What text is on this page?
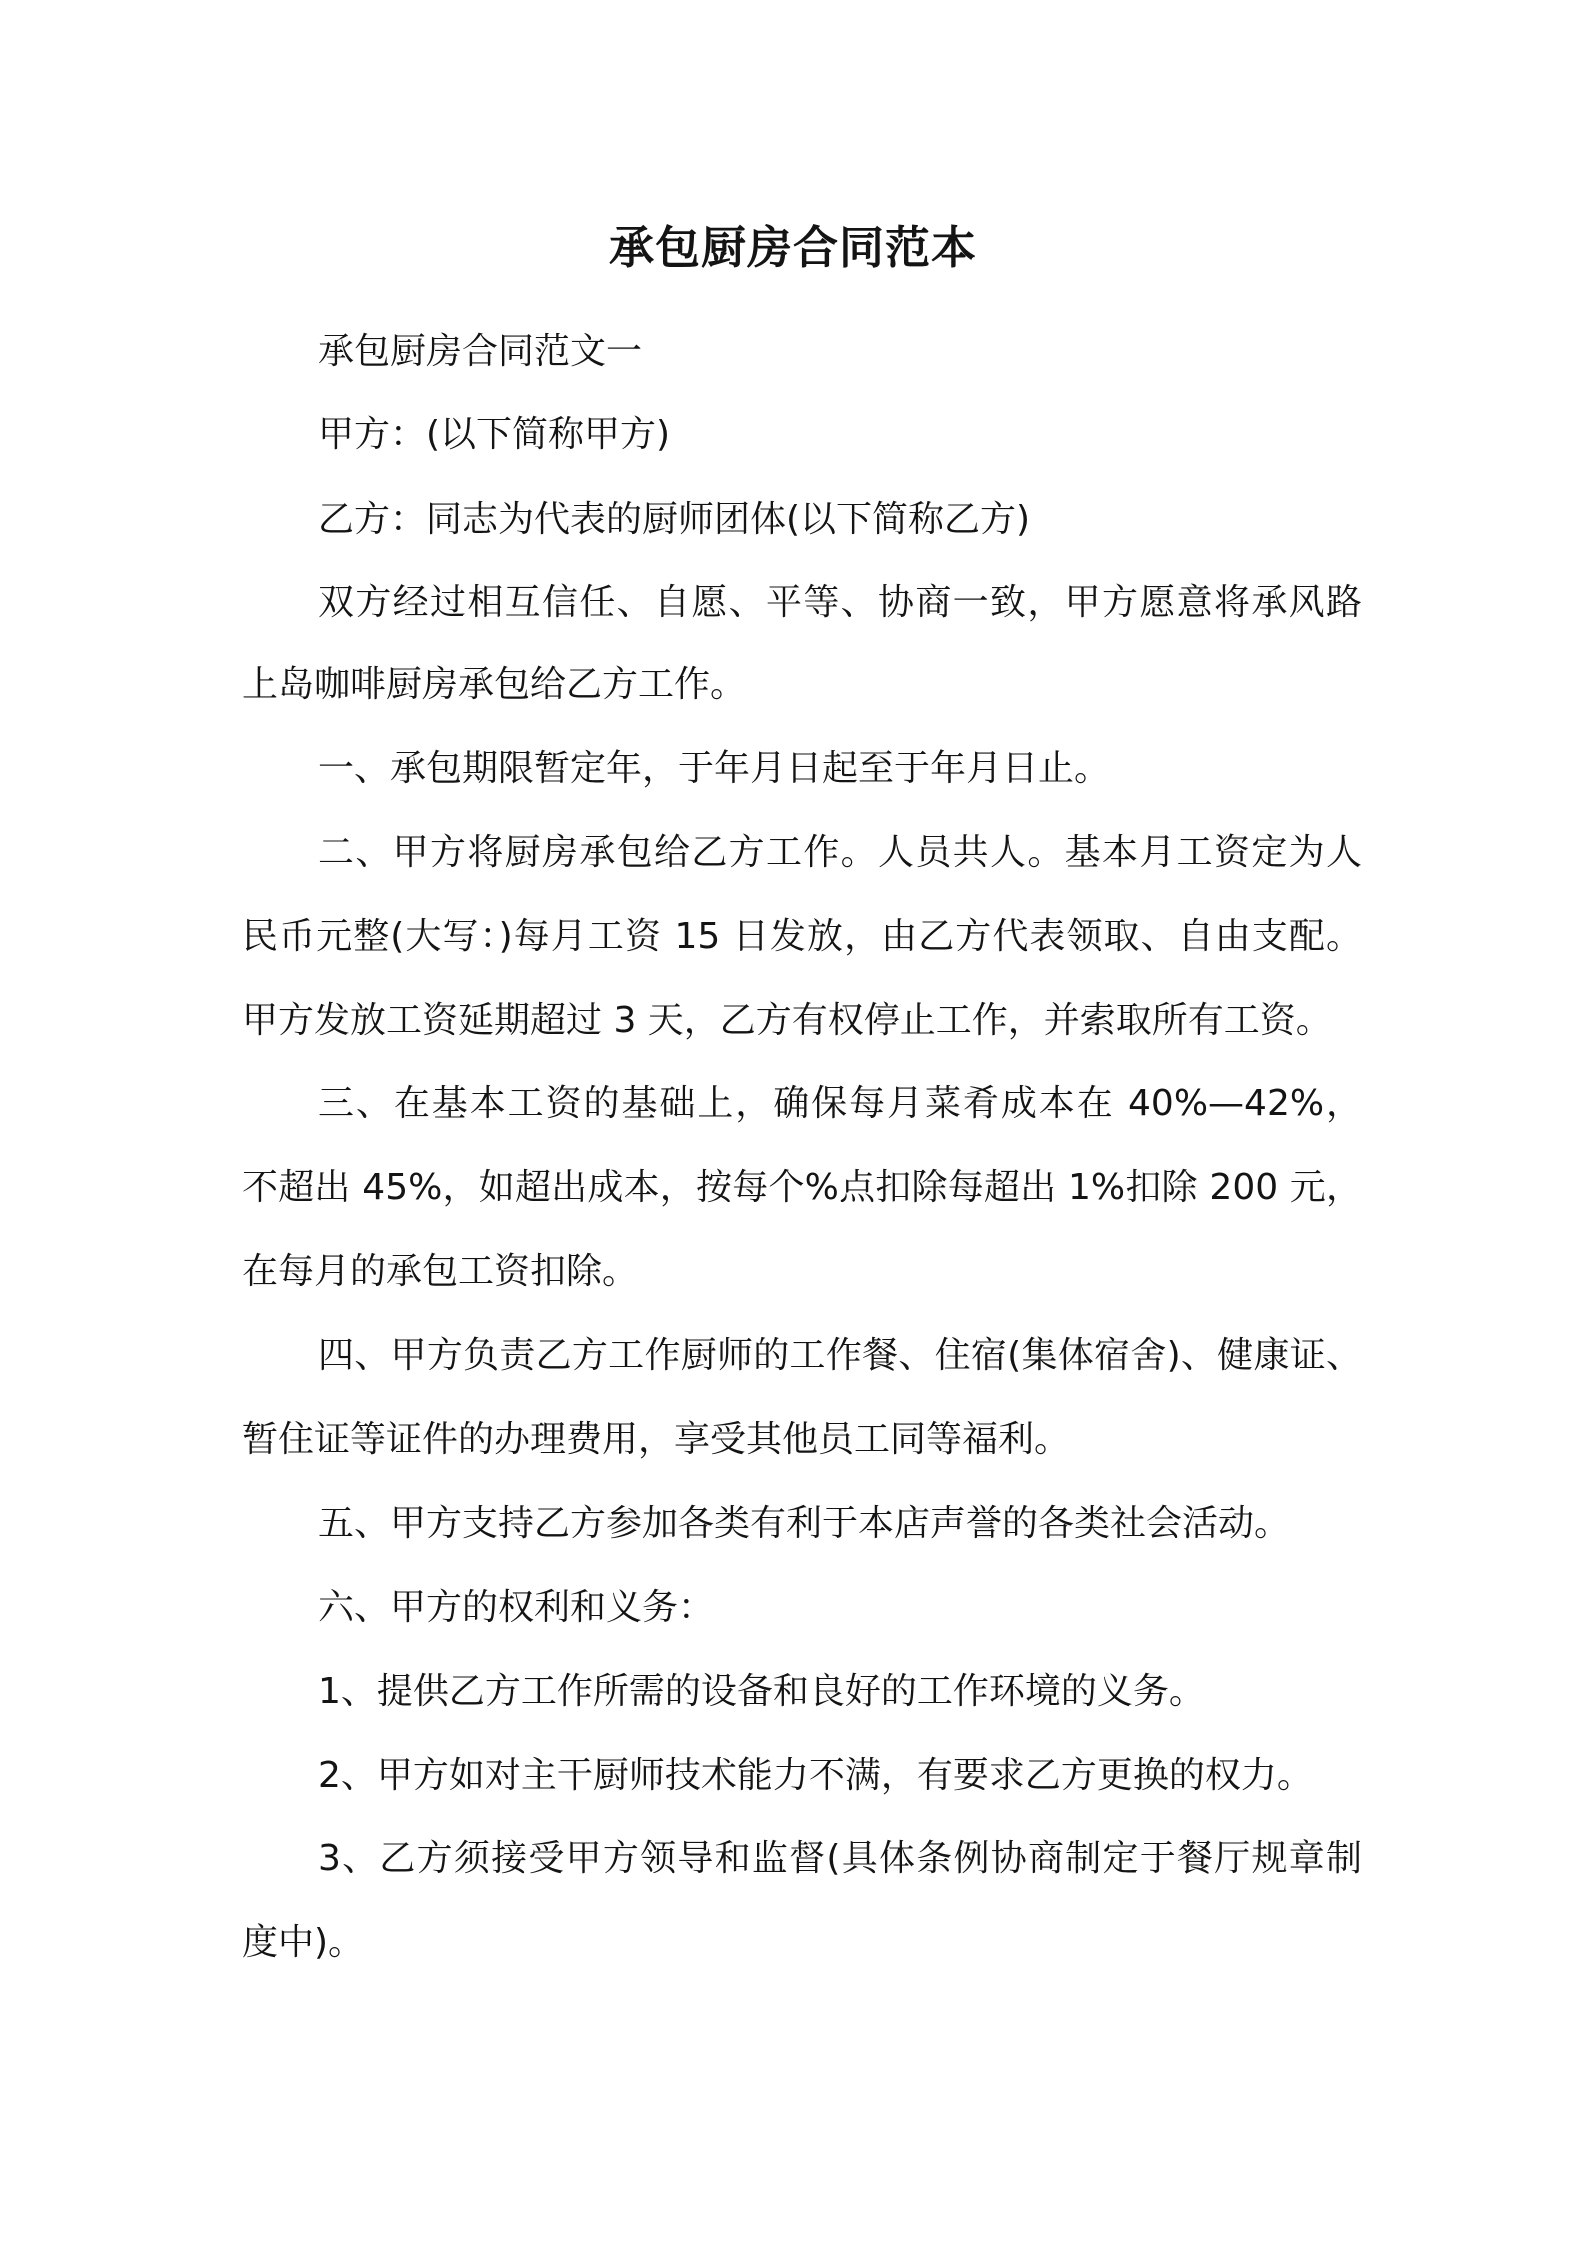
承包厨房合同范本
承包厨房合同范文一
甲方：(以下简称甲方)
乙方：同志为代表的厨师团体(以下简称乙方)
双方经过相互信任、自愿、平等、协商一致，甲方愿意将承风路
上岛咖啡厨房承包给乙方工作。
一、承包期限暂定年，于年月日起至于年月日止。
二、甲方将厨房承包给乙方工作。人员共人。基本月工资定为人
民币元整(大写：)每月工资 15 日发放，由乙方代表领取、自由支配。
甲方发放工资延期超过 3 天，乙方有权停止工作，并索取所有工资。
三、在基本工资的基础上，确保每月菜肴成本在 40%—42%，
不超出 45%，如超出成本，按每个%点扣除每超出 1%扣除 200 元，
在每月的承包工资扣除。
四、甲方负责乙方工作厨师的工作餐、住宿(集体宿舍)、健康证、
暂住证等证件的办理费用，享受其他员工同等福利。
五、甲方支持乙方参加各类有利于本店声誉的各类社会活动。
六、甲方的权利和义务：
1、提供乙方工作所需的设备和良好的工作环境的义务。
2、甲方如对主干厨师技术能力不满，有要求乙方更换的权力。
3、乙方须接受甲方领导和监督(具体条例协商制定于餐厅规章制
度中)。
